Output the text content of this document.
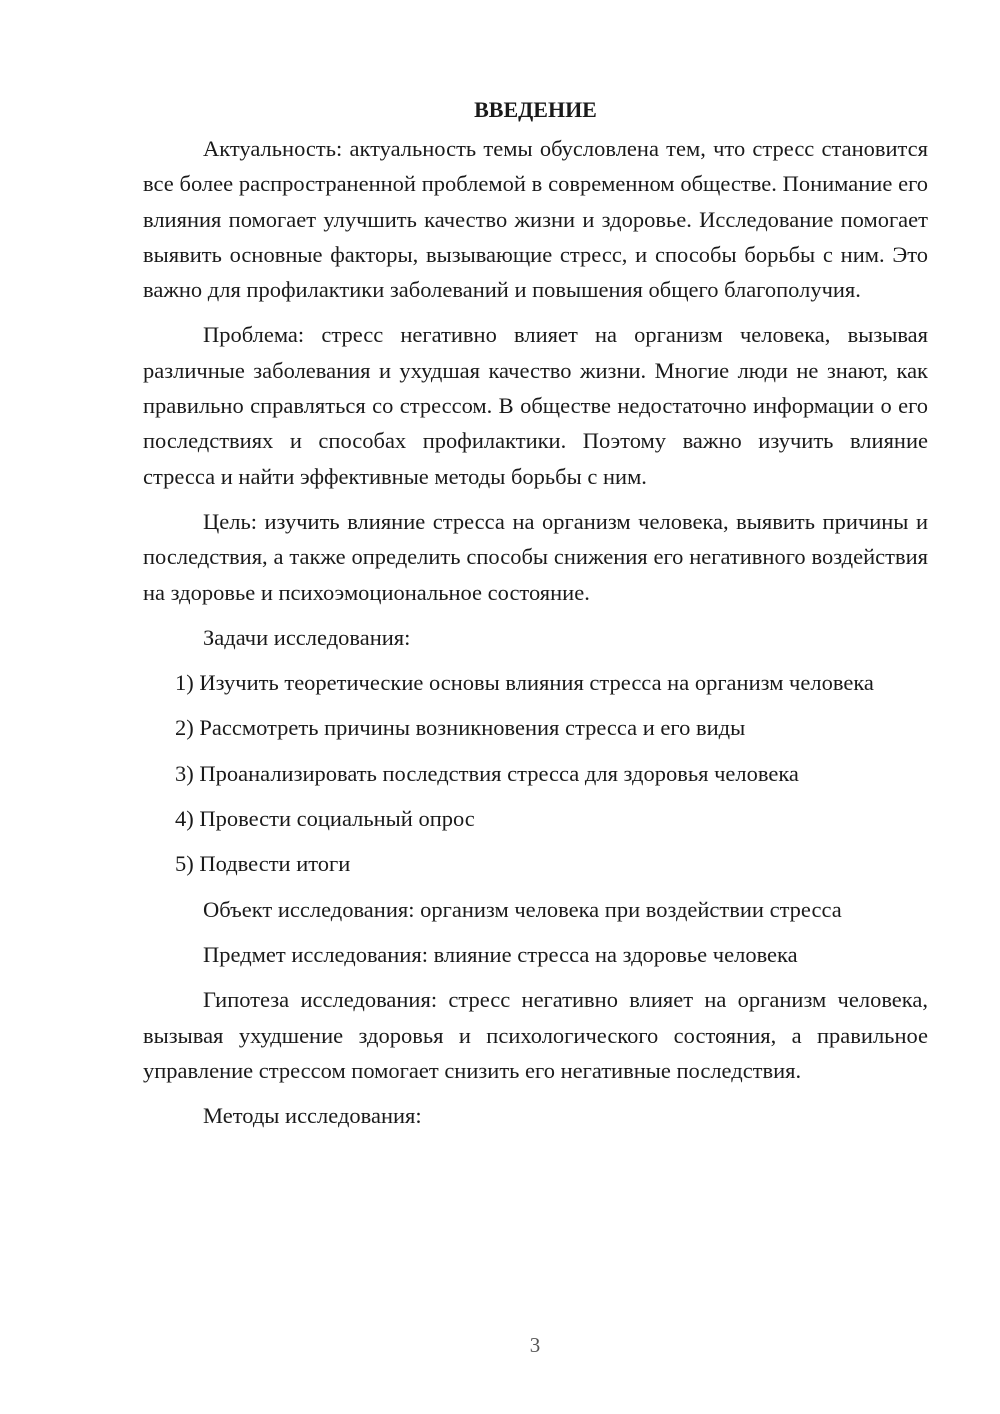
ВВЕДЕНИЕ

Актуальность: актуальность темы обусловлена тем, что стресс становится все более распространенной проблемой в современном обществе. Понимание его влияния помогает улучшить качество жизни и здоровье. Исследование помогает выявить основные факторы, вызывающие стресс, и способы борьбы с ним. Это важно для профилактики заболеваний и повышения общего благополучия.

Проблема: стресс негативно влияет на организм человека, вызывая различные заболевания и ухудшая качество жизни. Многие люди не знают, как правильно справляться со стрессом. В обществе недостаточно информации о его последствиях и способах профилактики. Поэтому важно изучить влияние стресса и найти эффективные методы борьбы с ним.

Цель: изучить влияние стресса на организм человека, выявить причины и последствия, а также определить способы снижения его негативного воздействия на здоровье и психоэмоциональное состояние.

Задачи исследования:

1) Изучить теоретические основы влияния стресса на организм человека

2) Рассмотреть причины возникновения стресса и его виды

3) Проанализировать последствия стресса для здоровья человека

4) Провести социальный опрос

5) Подвести итоги

Объект исследования: организм человека при воздействии стресса

Предмет исследования: влияние стресса на здоровье человека

Гипотеза исследования: стресс негативно влияет на организм человека, вызывая ухудшение здоровья и психологического состояния, а правильное управление стрессом помогает снизить его негативные последствия.

Методы исследования:

3
